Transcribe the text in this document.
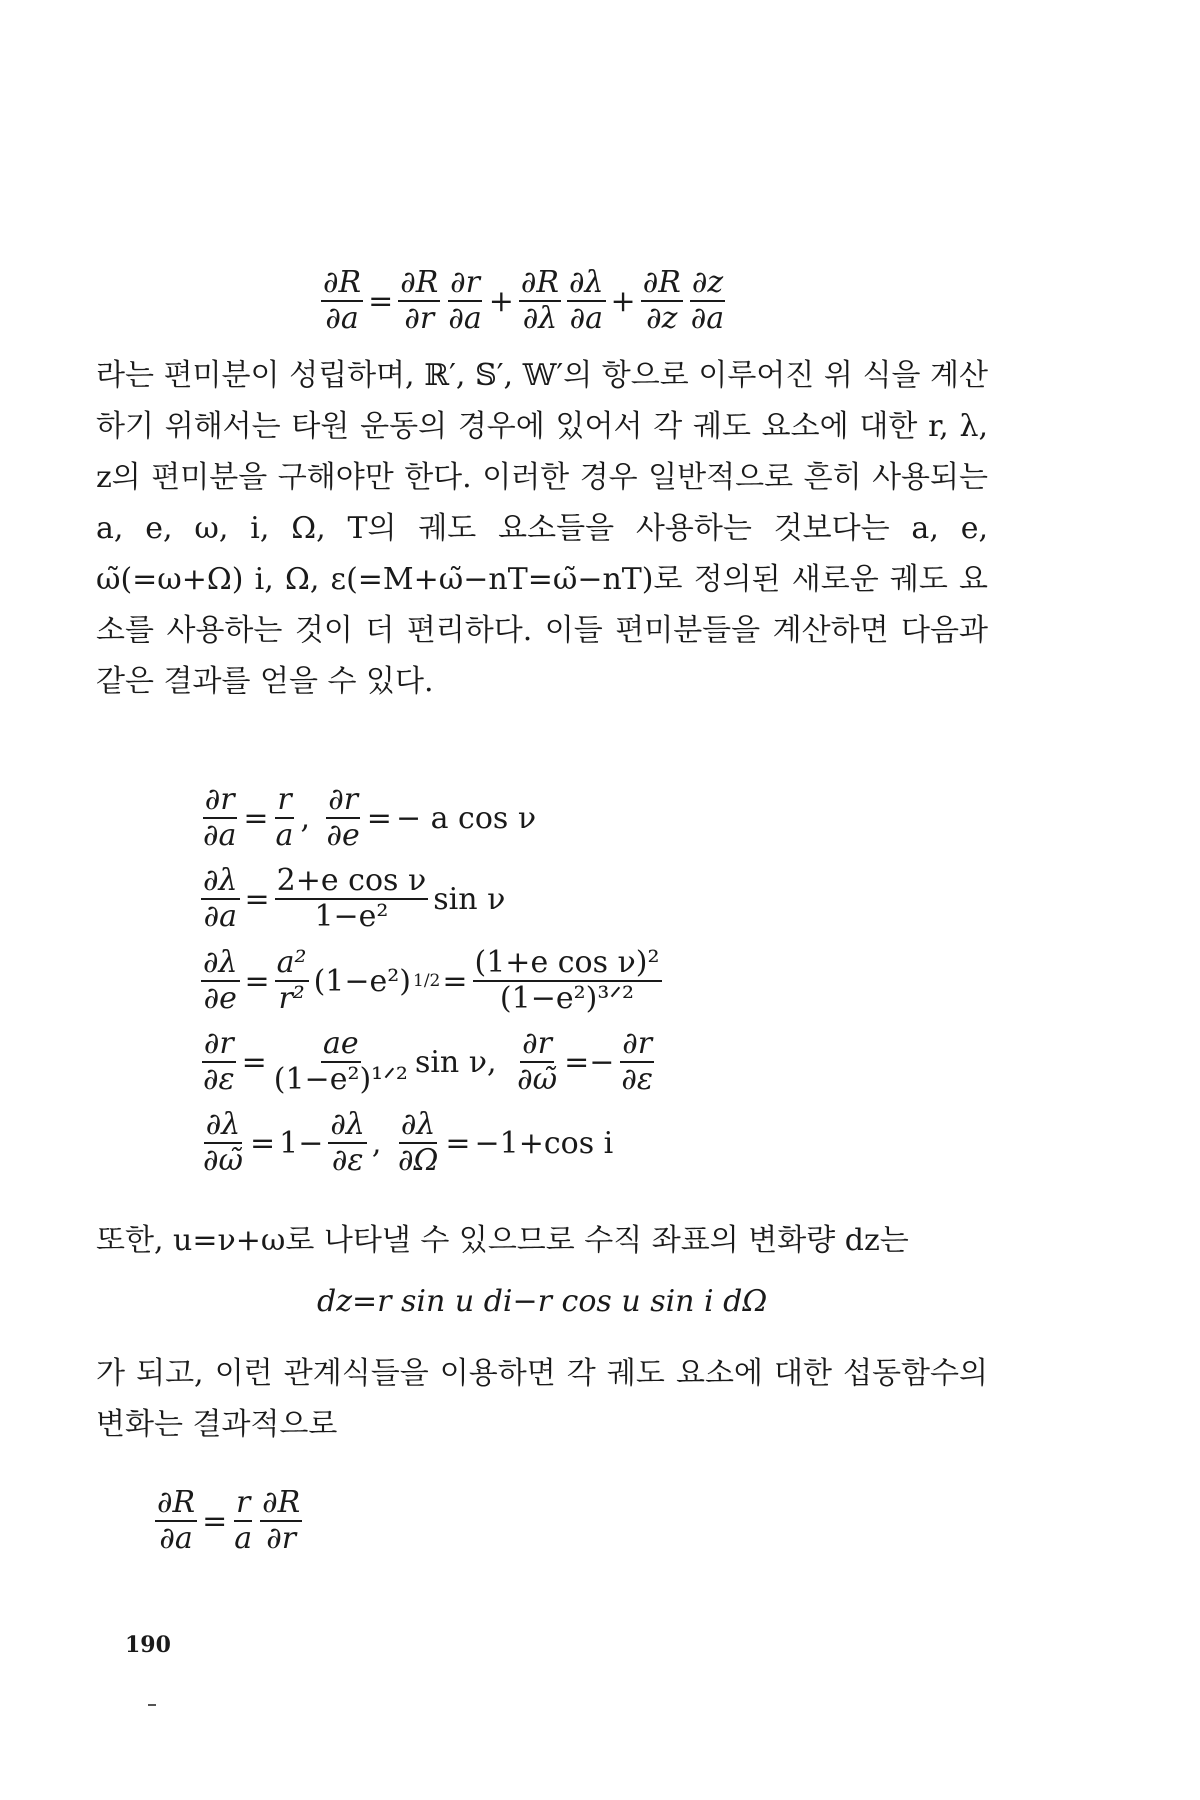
$\frac{\partial R}{\partial a} = \frac{\partial R}{\partial r} \frac{\partial r}{\partial a} + \frac{\partial R}{\partial\lambda} \frac{\partial\lambda}{\partial a} + \frac{\partial R}{\partial z} \frac{\partial z}{\partial a}$

라는 편미분이 성립하며, ℝ′, 𝕊′, 𝕎′의 항으로 이루어진 위 식을 계산하기 위해서는 타원 운동의 경우에 있어서 각 궤도 요소에 대한 r, λ, z의 편미분을 구해야만 한다. 이러한 경우 일반적으로 흔히 사용되는 a, e, ω, i, Ω, T의 궤도 요소들을 사용하는 것보다는 a, e, ω̃(=ω+Ω) i, Ω, ε(=M+ω̃−nT=ω̃−nT)로 정의된 새로운 궤도 요소를 사용하는 것이 더 편리하다. 이들 편미분들을 계산하면 다음과 같은 결과를 얻을 수 있다.

$\frac{\partial r}{\partial a} = \frac{r}{a}$ , $\frac{\partial r}{\partial e}$ = − a cos ν
$\frac{\partial\lambda}{\partial a} = \frac{\text{2+e cos ν}}{\text{1−e²}}$ sin ν
$\frac{\partial\lambda}{\partial e} = \frac{\text{a²}}{\text{r²}} (1-e^2) 1/2 = \frac{\text{(1+e cos ν)²}}{\text{(1−e²)³ᐟ²}}$
$\frac{\partial r}{\partial\varepsilon} = \frac{ae}{\text{(1−e²)¹ᐟ²}}$ sin ν,
$\frac{\partial r}{\partial\omegã} =- \frac{\partial r}{\partial\varepsilon}$
$\frac{\partial\lambda}{\partial\omegã} = 1- \frac{\partial\lambda}{\partial\varepsilon}$ , $\frac{\partial\lambda}{\partial\Omega} = -1+\cos$ i

또한, u=ν+ω로 나타낼 수 있으므로 수직 좌표의 변화량 dz는

dz=r sin u di−r cos u sin i dΩ

가 되고, 이런 관계식들을 이용하면 각 궤도 요소에 대한 섭동함수의 변화는 결과적으로

$\frac{\partial R}{\partial a} = \frac{r}{a} \frac{\partial R}{\partial r}$
190
